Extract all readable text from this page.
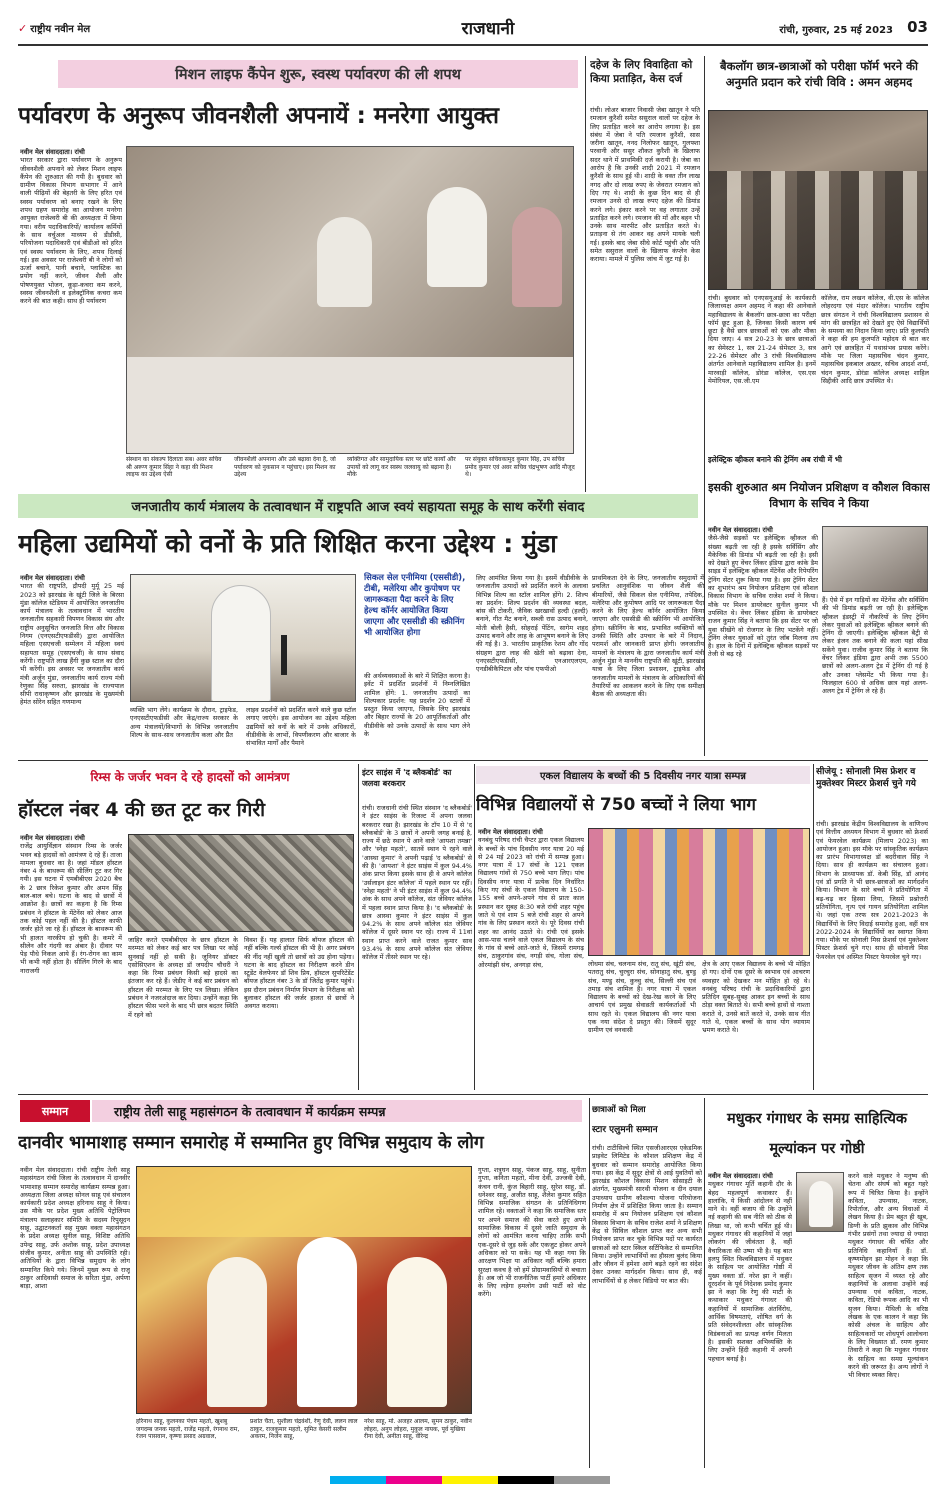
✓ राष्ट्रीय नवीन मेल	राजधानी	रांची, गुरुवार, 25 मई 2023 03
मिशन लाइफ कैंपेन शुरू, स्वस्थ पर्यावरण की ली शपथ
पर्यावरण के अनुरूप जीवनशैली अपनायें : मनरेगा आयुक्त
नवीन मेल संवाददाता। रांची

भारत सरकार द्वारा पर्यावरण के अनुरूप जीवनशैली अपनाने को लेकर मिशन लाइफ कैंपेन की शुरुआत की गयी है। बुधवार को ग्रामीण विकास विभाग सभागार में आने वाली पीढ़ियों की बेहतरी के लिए हरित एवं स्वस्थ पर्यावरण को बनाए रखने के लिए शपथ ग्रहण समारोह का आयोजन मनरेगा आयुक्त राजेश्वरी बी की अध्यक्षता में किया गया। वरीय पदाधिकारियों/ कार्यालय कर्मियों के साथ वर्चुअल माध्यम से डीडीसी, परियोजना पदाधिकारी एवं बीडीओ को हरित एवं स्वस्थ पर्यावरण के लिए, शपथ दिलाई गई। इस अवसर पर राजेश्वरी बी ने लोगों को ऊर्जा बचाने, पानी बचाने, प्लास्टिक का प्रयोग नहीं करने, जीवन शैली और पोषणयुक्त भोजन, कूड़ा-कचरा कम करने, स्वस्थ जीवनशैली व इलेक्ट्रॉनिक कचरा कम करने की बात कही। साथ ही पर्यावरण

संस्थान का संकल्प दिलाता सब। अवर सचिव श्री अरूण कुमार सिंहा ने कहा की मिशन लाइफ का उद्देश्य ऐसी
जीवनशैली अपनाना और उसे बढ़ावा देना है, जो पर्यावरण को नुकसान न पहुंचाए। इस मिशन का उद्देश्य
व्यक्तिगत और सामुदायिक स्तर पर छोटे कार्यों और उपायों को लागू कर स्वस्थ जलवायु को बढ़ाना है। मौके
पर संयुक्त सचिवकामुद कुमार सिंह, उप सचिव प्रमोद कुमार एवं अवर सचिव चंद्रभूषण आदि मौजूद थे।
दहेज के लिए विवाहिता को किया प्रताड़ित, केस दर्ज
रांची। लोअर बाजार निवासी जेबा खातून ने पति रमजान कुरैशी समेत ससुराल वालों पर दहेज के लिए प्रताड़ित करने का आरोप लगाया है। इस संबंध में जेबा ने पति रमजान कुरैशी, सास जरीना खातून, ननद निलोफर खातून, गुलफ्शा परवानी और ससुर शौकत कुरैशी के खिलाफ सदर थाने में प्राथमिकी दर्ज करायी है। जेबा का आरोप है कि उनकी शादी 2021 में रमजान कुरैशी के साथ हुई थी। शादी के वक्त तीन लाख नगद और दो लाख रुपए के जेवरात रमजान को दिए गए थे। शादी के कुछ दिन बाद से ही रमजान उनसे दो लाख रुपए दहेज की डिमांड करने लगे। इंकार करने पर वह लगातार उन्हें प्रताड़ित करने लगे। रमजान की माँ और बहन भी उनके साथ मारपीट और प्रताड़ित करते थे। प्रताड़ना से तंग आकर वह अपने मायके चली गईं। इसके बाद जेबा सीधे कोर्ट पहुंची और पति समेत ससुराल वालों के खिलाफ कंप्लेन केस कराया। मामले में पुलिस जांच में जुट गई है।
बैकलॉग छात्र-छात्राओं को परीक्षा फॉर्म भरने की अनुमति प्रदान करे रांची विवि : अमन अहमद
रांची। बुधवार को एनएसयूआई के कार्यकारी जिलाध्यक्ष अमन अहमद ने कहा की आनेवाले महाविद्यालय के बैकलॉग छात्र-छात्रा का परीक्षा फॉर्म छूट हुआ है, जिनका किसी कारण वर्ष छूटा है वैसे छात्र छात्राओं को एक और मौका दिया जाए। 4 सत्र 20-23 के छात्र छात्राओं का सेमेस्टर 1, सत्र 21-24 सेमेस्टर 3, सत्र 22-26 सेमेस्टर और 3 रांची विश्वविद्यालय अंतर्गत आनेवाले महाविद्यालय शामिल है। इनमें मारवाड़ी कॉलेज, डोरंडा कॉलेज, एस.एस मेमोरियल, एस.जी.एम
कॉलेज, राम लखन कॉलेज, वी.एस के कॉलेज लोहरदगा एवं मंदार कॉलेज। भारतीय राष्ट्रीय छात्र संगठन ने रांची विश्वविद्यालय प्रशासन से मांग की छात्रहित को देखते हुए ऐसे विद्यार्थियों के समस्या का निदान किया जाए। प्रति कुलपति ने कहा की हम कुलपति महोदय से बात कर आगे एवं छात्रहित में यथासंभव प्रयास करेंगे। मौके पर जिला महासचिव चंदन कुमार, महासचिव इकबाल अख्तर, सचिव आदर्श शर्मा, चंदन कुमार, डोरंडा कॉलेज अध्यक्ष शाहिल सिद्दीकी आदि छात्र उपस्थित थे।
जनजातीय कार्य मंत्रालय के तत्वावधान में राष्ट्रपति आज स्वयं सहायता समूह के साथ करेंगी संवाद
महिला उद्यमियों को वनों के प्रति शिक्षित करना उद्देश्य : मुंडा
नवीन मेल संवाददाता। रांची

भारत की राष्ट्रपति, द्रौपदी मुर्मू 25 मई 2023 को झारखंड के खूंटी जिले के बिरसा मुंडा कॉलेज स्टेडियम में आयोजित जनजातीय कार्य मंत्रालय के तत्वावधान में भारतीय जनजातीय सहकारी विपणन विकास संघ और राष्ट्रीय अनुसूचित जनजाति वित्त और विकास निगम (एनएसटीएफडीसी) द्वारा आयोजित महिला एसएचजी सम्मेलन में महिला स्वयं सहायता समूह (एसएचजी) के साथ संवाद करेंगी। राष्ट्रपति लाख हैंगी कुछ स्टाल का दौरा भी करेंगी। इस अवसर पर जनजातीय कार्य मंत्री अर्जुन मुंडा, जनजातीय कार्य राज्य मंत्री रेणुका सिंह सरुता, झारखंड के राज्यपाल सीपी राधाकृष्णन और झारखंड के मुख्यमंत्री हेमंत सोरेन सहित गणमान्य

व्यक्ति भाग लेंगे। कार्यक्रम के दौरान, ट्राइफेड, एनएसटीएफडीसी और केंद्र/राज्य सरकार के अन्य मंत्रालयों/विभागों के विभिन्न जनजातीय शिल्प के साथ-साथ जनजातीय कला और प्रैैत
लाइव प्रदर्शनों को प्रदर्शित करने वाले कुछ स्टॉल लगाए जाएंगे। इस आयोजन का उद्देश्य महिला उद्यमियों को वनों के बारे में उनके अधिकारों, वीडीवीके के लाभों, विपणीकरण और बाजार के संभावित मार्गों और पैमाने
सिकल सेल एनीमिया (एससीडी), टीबी, मलेरिया और कुपोषण पर जागरूकता पैदा करने के लिए हेल्थ कॉर्नर आयोजित किया जाएगा और एससीडी की स्क्रीनिंग भी आयोजित होगा
की अर्थव्यवस्थाओं के बारे में शिक्षित करना है। इवेंट में प्रदर्शित प्रदर्शनों में निम्नलिखित शामिल होंगे: 1. जनजातीय उत्पादों का शिल्पकार प्रदर्शन: यह प्रदर्शन 20 स्टालों में प्रस्तुत किया जाएगा, जिसके लिए झारखंड और बिहार राज्यों के 20 आपूर्तिकर्ताओं और वीडीवीके को उनके उत्पादों के साथ भाग लेने के
लिए आमंत्रित किया गया है। इसमें वीडीवीके के जनजातीय उत्पादों को प्रदर्शित करने के अलावा विभिन्न शिल्प का स्टॉल शामिल होंगे। 2. शिल्प का प्रदर्शन: शिल्प प्रदर्शन की व्यवस्था बदल, बांस की टोकरी, जैविक खरखावों हल्दी (हल्दी) बनाने, गीत मैट बनाने, सब्जी रास उत्पाद बनाने, मोती बोली हैसी, सोहराई पेंटिंग, सागेम शहद उत्पाद बनाने और लाह के आभूषण बनाने के लिए की गई है। 3. भारतीय प्राकृतिक रेशम और गोंद संग्रहण द्वारा लाह की खेती को बढ़ावा देना, एनएसटीएफडीसी, एनआरएलएम, एनडीबीकैपिटल और पांच एफपीओ
प्राथमिकता देने के लिए, जनजातीय समुदायों में प्रचलित आनुवंशिक या जीवन शैली की बीमारियों, जैसे सिकल सेल एनीमिया, तपेदिक, मलेरिया और कुपोषण आदि पर जागरूकता पैदा करने के लिए हेल्थ कॉर्नर आयोजित किया जाएगा और एससीडी की स्क्रीनिंग भी आयोजित होगा। स्क्रीनिंग के बाद, प्रभावित व्यक्तियों को उनकी स्थिति और उपचार के बारे में निदान, परामर्श और जानकारी प्राप्त होगी। जनजातीय मामलों के मंत्रालय के द्वारा जनजातीय कार्य मंत्री अर्जुन मुंडा ने माननीय राष्ट्रपति की खूंटी, झारखंड यात्रा के लिए जिला प्रशासन, ट्राइफेड और जनजातीय मामलों के मंत्रालय के अधिकारियों की तैयारियों का आकलन करने के लिए एक समीक्षा बैठक की अध्यक्षता की।
इलेक्ट्रिक व्हीकल बनाने की ट्रेनिंग अब रांची में भी
इसकी शुरुआत श्रम नियोजन प्रशिक्षण व कौशल विकास विभाग के सचिव ने किया
नवीन मेल संवाददाता। रांची

जैसे-जैसे सड़कों पर इलेक्ट्रिक व्हीकल की संख्या बढ़ती जा रही है इसके सर्विसिंग और मैकेनिक की डिमांड भी बढ़ती जा रही है। इसी को देखते हुए वेंचर लिंकर इंडिया द्वारा कांके डैम साइड में इलेक्ट्रिक व्हीकल मेंटेनेंस और रिपेयरिंग ट्रेनिंग सेंटर शुरू किया गया है। इस ट्रेनिंग सेंटर का शुभारंभ श्रम नियोजन प्रशिक्षण एवं कौशल विकास विभाग के सचिव राजेश शर्मा ने किया। मौके पर मिशन डायरेक्टर सुनील कुमार भी उपस्थित थे। वेंचर लिंकर इंडिया के डायरेक्टर राजन कुमार सिंह ने बताया कि इस सेंटर पर जो युवा सीखेंगे वो रोजगार के लिए भटकेंगे नहीं। ट्रेनिंग लेकर युवाओं को तुरंत जॉब मिलना तय है। हाल के दिनों में इलेक्ट्रिक व्हीकल सड़कों पर तेजी से बढ़ रहे

हैं। ऐसे में इन गाड़ियों का मेंटेनेंस और सर्विसिंग की भी डिमांड बढ़ती जा रही है। इलेक्ट्रिक व्हीकल इंडस्ट्री में नौकरियों के लिए ट्रेनिंग लेकर युवाओं को इलेक्ट्रिक व्हीकल बनाने की ट्रेनिंग दी जाएगी। इलेक्ट्रिक व्हीकल बैट्री से लेकर इंजन तक बनाने की कला यहां सीख सकेंगे युवा। राजीव कुमार सिंह ने बताया कि वेंचर लिंकर इंडिया द्वारा अभी तक 5500 छात्रों को अलग-अलग ट्रेड में ट्रेनिंग दी गई है और उनका प्लेसमेंट भी किया गया है। फिलहाल 600 से अधिक छात्र यहां अलग-अलग ट्रेड में ट्रेनिंग ले रहे हैं।
रिम्स के जर्जर भवन दे रहे हादसों को आमंत्रण
हॉस्टल नंबर 4 की छत टूट कर गिरी
नवीन मेल संवाददाता। रांची

राजेंद्र आयुर्विज्ञान संस्थान रिम्स के जर्जर भवन बड़े हादसों को आमंत्रण दे रहे हैं। ताजा मामला बुधवार का है। जहां मॉडल हॉस्टल नंबर 4 के बाथरूम की सीलिंग टूट कर गिर गयी। इस घटना में एमबीबीएस 2020 बैच के 2 छात्र रिकेश कुमार और अमन सिंह बाल-बाल बचे। घटना के बाद से छात्रों में आक्रोश है। छात्रों का कहना है कि रिम्स प्रबंधन ने हॉस्टल के मेंटेनेंस को लेकर आज तक कोई पहल नहीं की है। हॉस्टल काफी जर्जर होते जा रहे हैं। हॉस्टल के बाथरूम की भी हालत नारकीय हो चुकी है। कमरे में सीलेन और गंदगी का अंबार है। दीवार पर पेड़ पौधे निकल आये हैं। रंग-रोगन का काम भी कभी नहीं होता है। सीलिंग गिरने के बाद नाराजगी

जाहिर करते एमबीबीएस के छात्र हॉस्टल के मरम्मत को लेकर कई बार पत्र लिखा पर कोई सुनवाई नहीं हो सकी है। जूनियर डॉक्टर एसोसिएशन के अध्यक्ष डॉ जयदीप चौधरी ने कहा कि रिम्स प्रबंधन किसी बड़े हादसे का इंतजार कर रहे हैं। जेडीए ने कई बार प्रबंधन को हॉस्टल की मरम्मत के लिए पत्र लिखा। लेकिन प्रबंधन ने नजरअंदाज कर दिया। उन्होंने कहा कि हॉस्टल फीस भरने के बाद भी छात्र बदतर स्थिति में रहने को
विवश हैं। यह हालात सिर्फ बॉयज हॉस्टल की नहीं बल्कि गर्ल्स हॉस्टल की भी है। अगर प्रबंधन की नींद नहीं खुली तो छात्रों को उग्र होना पड़ेगा। घटना के बाद हॉस्टल का निरीक्षण करने डीन स्टूडेंट वेलफेयर डॉ शिव प्रिय, हॉस्टल सुपरिटेंडेंट बॉयज हॉस्टल नंबर 3 के डॉ जितेंद्र कुमार पहुंचे। इस दौरान प्रबंधन निर्माण विभाग के निरीक्षक को बुलाकर हॉस्टल की जर्जर हालत से छात्रों ने अवगत कराया।
इंटर साइंस में 'द ब्लैकबोर्ड' का जलवा बरकरार
रांची। राजधानी रांची स्थित संस्थान 'द ब्लैकबोर्ड' ने इंटर साइंस के रिजल्ट में अपना जलवा बरकरार रखा है। झारखंड के टॉप 10 में से 'द ब्लैकबोर्ड' के 3 छात्रों ने अपनी जगह बनाई है, राज्य में छठे स्थान पे आने वाले 'आयशा तमन्ना' और 'स्नेहा महतो', सातवें स्थान पे रहने वाले 'आस्था कुमार' ने अपनी पढ़ाई 'द ब्लैकबोर्ड' से की है। 'आयशा' ने इंटर साइंस में कुल 94.4% अंक प्राप्त किया इसके साथ ही वे अपने कॉलेज 'उर्सलाइन इंटर कॉलेज' में पहले स्थान पर रहीं। 'स्नेहा महतो' ने भी इंटर साइंस में कुल 94.4% अंक के साथ अपने कॉलेज, संत जेवियर कॉलेज में पहला स्थान प्राप्त किया है। 'द ब्लैकबोर्ड' के छात्र आस्था कुमार ने इंटर साइंस में कुल 94.2% के साथ अपने कॉलेज संत जेवियर कॉलेज में दूसरे स्थान पर रहे। राज्य में 11वां स्थान प्राप्त करने वाले राजत कुमार साव 93.4% के साथ अपने कॉलेज संत जेवियर कॉलेज में तीसरे स्थान पर रहे।
एकल विद्यालय के बच्चों की 5 दिवसीय नगर यात्रा सम्पन्न
विभिन्न विद्यालयों से 750 बच्चों ने लिया भाग
नवीन मेल संवाददाता। रांची

वनबंधु परिषद रांची चैप्टर द्वारा एकल विद्यालय के बच्चों के पांच दिवसीय नगर यात्रा 20 मई से 24 मई 2023 को रांची में सम्पन्न हुआ। नगर यात्रा में 17 संचों के 121 एकल विद्यालय गांवों से 750 बच्चे भाग लिए। पांच दिवसीय नगर यात्रा में प्रत्येक दिन निर्धारित किए गए संचों के एकल विद्यालय के 150-155 बच्चे अपने-अपने गांव से प्रातः काल प्रस्थान कर सुबह 8:30 बजे रांची शहर पहुंच जाते थे एवं शाम 5 बजे रांची शहर से अपने गांव के लिए प्रस्थान करते थे। पूरे दिवस रांची शहर का आनंद उठाते थे। रांची एवं इसके आस-पास चलने वाले एकल विद्यालय के संच के गांव से बच्चे आते-जाते थे, जिसमें रामगढ़ संच, ठाकुरगांव संच, नगड़ी संच, गोला संच, ओरमांझी संच, अनगड़ा संच,	लोधमा संच, चलनाम संच, रातू संच, खूंटी संच, पतरातु संच, चुरचुरा संच, सोनाहातु संच, बुण्डु संच, मण्डु संच, कुच्चु संच, सिल्ली संच एवं तमाड़ संच शामिल है। नगर यात्रा में एकल विद्यालय के बच्चों को देख-रेख करने के लिए आचार्य एवं प्रमुख सेवाव्रती कार्यकर्ताओं भी साथ रहते थे। एकल विद्यालय की नगर यात्रा एक नया संदेश दे प्रस्तुत की। जिसमें सुदूर ग्रामीण एवं वनवासी
क्षेत्र के आए एकल विद्यालय के बच्चे भी मोहित हो गए। दोनों एक दूसरे के स्वभाव एवं आचरण व्यवहार को देखकर मन मोहित हो रहे थे। वनबंधु परिषद रांची के प्रदाधिकारियों द्वारा प्रतिदिन सुबह-सुबह आकर इन बच्चों के साथ ठोड़ा वक्त बिताते थे। सभी बच्चे हाथों से नाश्ता कराते थे, उनसे बातें करते थे, उनके साथ गीत गाते थे, एकल बच्चों के साथ योग व्यायाम भ्रमण कराते थे।
सीजेयू : सोनाली मिस फ्रेशर व मुक्तेश्वर मिस्टर फ्रेशर्स चुने गये
रांची। झारखंड केंद्रीय विश्वविद्यालय के वाणिज्य एवं वित्तीय अध्ययन विभाग में बुधवार को फ्रेशर्स एवं फेयरवेल कार्यक्रम (मिलाप 2023) का आयोजन हुआ। इस मौके पर सांस्कृतिक कार्यक्रम का प्रारंभ विभागाध्यक्ष डॉ बदरीवाल सिंह ने दिया। साथ ही कार्यक्रम का संचालन हुआ। विभाग के प्राध्यापक डॉ. केबी सिंह, डॉ आनंद एवं डॉ प्रगति ने भी छात्र-छात्राओं का मार्गदर्शन किया। विभाग के सारे बच्चों ने प्रतियोगिता में बढ़-चढ़ कर हिस्सा लिया, जिसमें प्रश्नोत्तरी प्रतियोगिता, नृत्य एवं गायन प्रतियोगिता शामिल थे। जहां एक तरफ सत्र 2021-2023 के विद्यार्थियों के लिए विदाई समारोह हुआ, वहीं सत्र 2022-2024 के विद्यार्थियों का स्वागत किया गया। मौके पर सोनाली मिस फ्रेशर्स एवं मुक्तेश्वर मिस्टर फ्रेशर्स चुने गए। साथ ही सोनाली मिस फेयरवेल एवं अस्मित मिस्टर फेयरवेल चुने गए।
सम्मान	राष्ट्रीय तेली साहू महासंगठन के तत्वावधान में कार्यक्रम सम्पन्न
दानवीर भामाशाह सम्मान समारोह में सम्मानित हुए विभिन्न समुदाय के लोग
नवीन मेल संवाददाता। रांची राष्ट्रीय तेली साहू महासंगठन रांची जिला के तत्वावधान में दानवीर भामाशाह सम्मान समारोह कार्यक्रम सम्पन्न हुआ। अध्यक्षता जिला अध्यक्ष सोनल साहू एवं संचालन कार्यकारी प्रदेश अध्यक्ष हरिनाथ साहू ने किया। उस मौके पर प्रदेश मुख्य अतिथि पेट्रोलियम मंत्रालय सलाहकार समिति के सदस्य रिपुसूदन साहू, उद्घाटनकर्ता सह मुख्य वक्ता महासंगठन के प्रदेश अध्यक्ष सुनील साहू, विशिष्ट अतिथि उपेन्द्र साहू, उर्फ अशोक साहू, प्रदेश उपाध्यक्ष संजीव कुमार, अनीता साहू की उपस्थिति रही। अतिथियों के द्वारा विभिन्न समुदाय के लोग सम्मानित किये गये। जिनमें मुख्य रूप से राजू ठाकुर आदिवासी समाज के सरिता मुंडा, अर्पणा बाड़ा, आशा
हरिनाथ साहू, कुलनका पंचम महतो, खुशबु जगदम्ब जनक महतो, राजेंद्र महतो, रंगनाथ राम, रंजन पासवान, कृष्णा प्रसाद अग्रवाल,
प्रशांत चैता, सुशीला चंद्रवंशी, रेणु देवी, ललन लाल ठाकुर, राजकुमार महतो, सुमित केसरी सलीम अकरम, निर्जन साहू,
नरेश साहू, मो. अजहर आलम, सुमन ठाकुर, नवीन लोहरा, अनुप लोहरा, मुकुल नायक, पूर्व मुखिया रीना देवी, अनीता साहू, वीरेन्द्र
गुप्ता, शत्रुघन साहू, पंकज साहू, साहू, सुनीता गुप्ता, कनिता महतो, मीना देवी, उज्जवी देवी, कंचन रानी, कुंज बिहारी साहू, सुरेश साहू, डॉ. धनेश्वर साहू, अजीत साहू, शैलेश कुमार सहित विभिन्न समाजिक संगठन के प्रतिनिधिगण शामिल रहे। वक्ताओं ने कहा कि समाजिक स्तर पर अपने समाज की सेवा करते हुए अपने सामाजिक विकास में दूसरे जाति समुदाय के लोगों को आमंत्रित करना चाहिए ताकि सभी एक-दूसरे से जुड़ सकें और एकजुट होकर अपने अधिकार को पा सकें। यह भी कहा गया कि आरक्षण भिक्षा या अधिकार नहीं बल्कि हमारा सुरक्षा कवच है जो हमें प्रोग्रामवासियों से बचाता है। अब जो भी राजनीतिक पार्टी हमारे अधिकार के लिए लड़ेगा हमलोग उसी पार्टी को वोट करेंगे।
छात्राओं को मिला
स्टार एलुमनी सम्मान
रांची। टाटीसिल्वे स्थित एसजीआरएस एकेडमिक प्राइवेट लिमिटेड के कौशल प्रशिक्षण केंद्र में बुधवार को सम्मान समारोह आयोजित किया गया। इस केंद्र में सुदूर क्षेत्रों से आई युवतियों को झारखंड कौशल विकास मिशन सोसाइटी के अंतर्गत, मुख्यमंत्री सारथी योजना व दीन दयाल उपाध्याय ग्रामीण कौशल्या योजना परियोजना निर्माण क्षेत्र में प्रशिक्षित किया जाता है। सम्मान समारोह में श्रम नियोजन प्रशिक्षण एवं कौशल विकास विभाग के सचिव राजेश शर्मा ने प्रशिक्षण केंद्र से सिविल कौशल प्राप्त कर अन्य सभी नियोजन प्राप्त कर चुके विभिन्न पदों पर कार्यरत छात्राओं को स्टार स्किल सर्टिफिकेट से सम्मानित किया। उन्होंने लाभार्थियों का हौसला बुलंद किया और जीवन में हमेशा आगे बढ़ते रहने का संदेश देकर उनका मार्गदर्शन किया। साथ ही, कई लाभार्थियों से ह लेकर विडियो पर बात की।
मधुकर गंगाधर के समग्र साहित्यिक मूल्यांकन पर गोष्ठी
नवीन मेल संवाददाता। रांची

मधुकर गंगाधर मूर्ति कहानी दौर के बेहद महत्वपूर्ण कथाकार हैं। हालांकि, ये किसी आंदोलन से नहीं माने थे। वहीं बजाय वी कि उन्होंने नई कहानी की सब नीति को ठीक से लिखा था, जो कभी चर्चित हुई थी। मधुकर गंगाधर की कहानियों में जहां लोकरंग की जीवंतता है, वहीं वैचारिकता की उष्मा भी है। यह बात हलपु स्थित विश्वविद्यालय में मधुकर के साहित्य पर आयोजित गोष्ठी में मुख्य वक्ता डॉ. नरेश झा ने कहीं। दूरदर्शन के पूर्व निदेशक प्रमोद कुमार झा ने कहा कि रेणु की माटी के कथाकार मधुकर गंगाधर की कहानियों में सामाजिक अंतर्विरोध, आर्थिक विषमताएं, शोषित वर्ग के प्रति संवेदनशीलता और सांस्कृतिक विडंबनाओं का प्रत्यक्ष वर्णन मिलता है। इसकी सशक्त अभिव्यक्ति के लिए उन्होंने हिंदी कहानी में अपनी पहचान बनाई है।

करने वाले मधुकर ने मनुष्य की चेतना और संघर्ष को बहुत गहरे रूप में चित्रित किया है। इन्होंने कविता, उपन्यास, नाटक, रिपोर्ताज, और अन्य विधाओं में लेखन किया है। प्रेम बहुत ही खूब, डिग्नी के प्रति झुकाव और विभिन्न गंभीर प्रसंगों तथा ज्यादा से ज्यादा मधुकर गंगाधर की चर्चित और प्रतिनिधि कहानियाँ हैं। डॉ. कृष्णमोहन झा मोहन ने कहा कि मधुकर जीवन के अंतिम क्षण तक साहित्य सृजन में व्यस्त रहे और कहानियों के अलावा उन्होंने कई उपन्यास एवं कविता, नाटक, कविता, रेडियो रूपक आदि का भी सृजन किया। मैथिली के वरिष्ठ लेखक के एक कालन ने कहा कि कोसी अंचल के साहित्य और साहित्यकारों पर शोधपूर्ण आलोचना के लिए विख्यात डॉ. रमण कुमार तिवारी ने कहा कि मधुकर गंगाधर के साहित्य का समग्र मूल्यांकन करने की जरूरत है। अन्य लोगों ने भी विचार व्यक्त किए।
